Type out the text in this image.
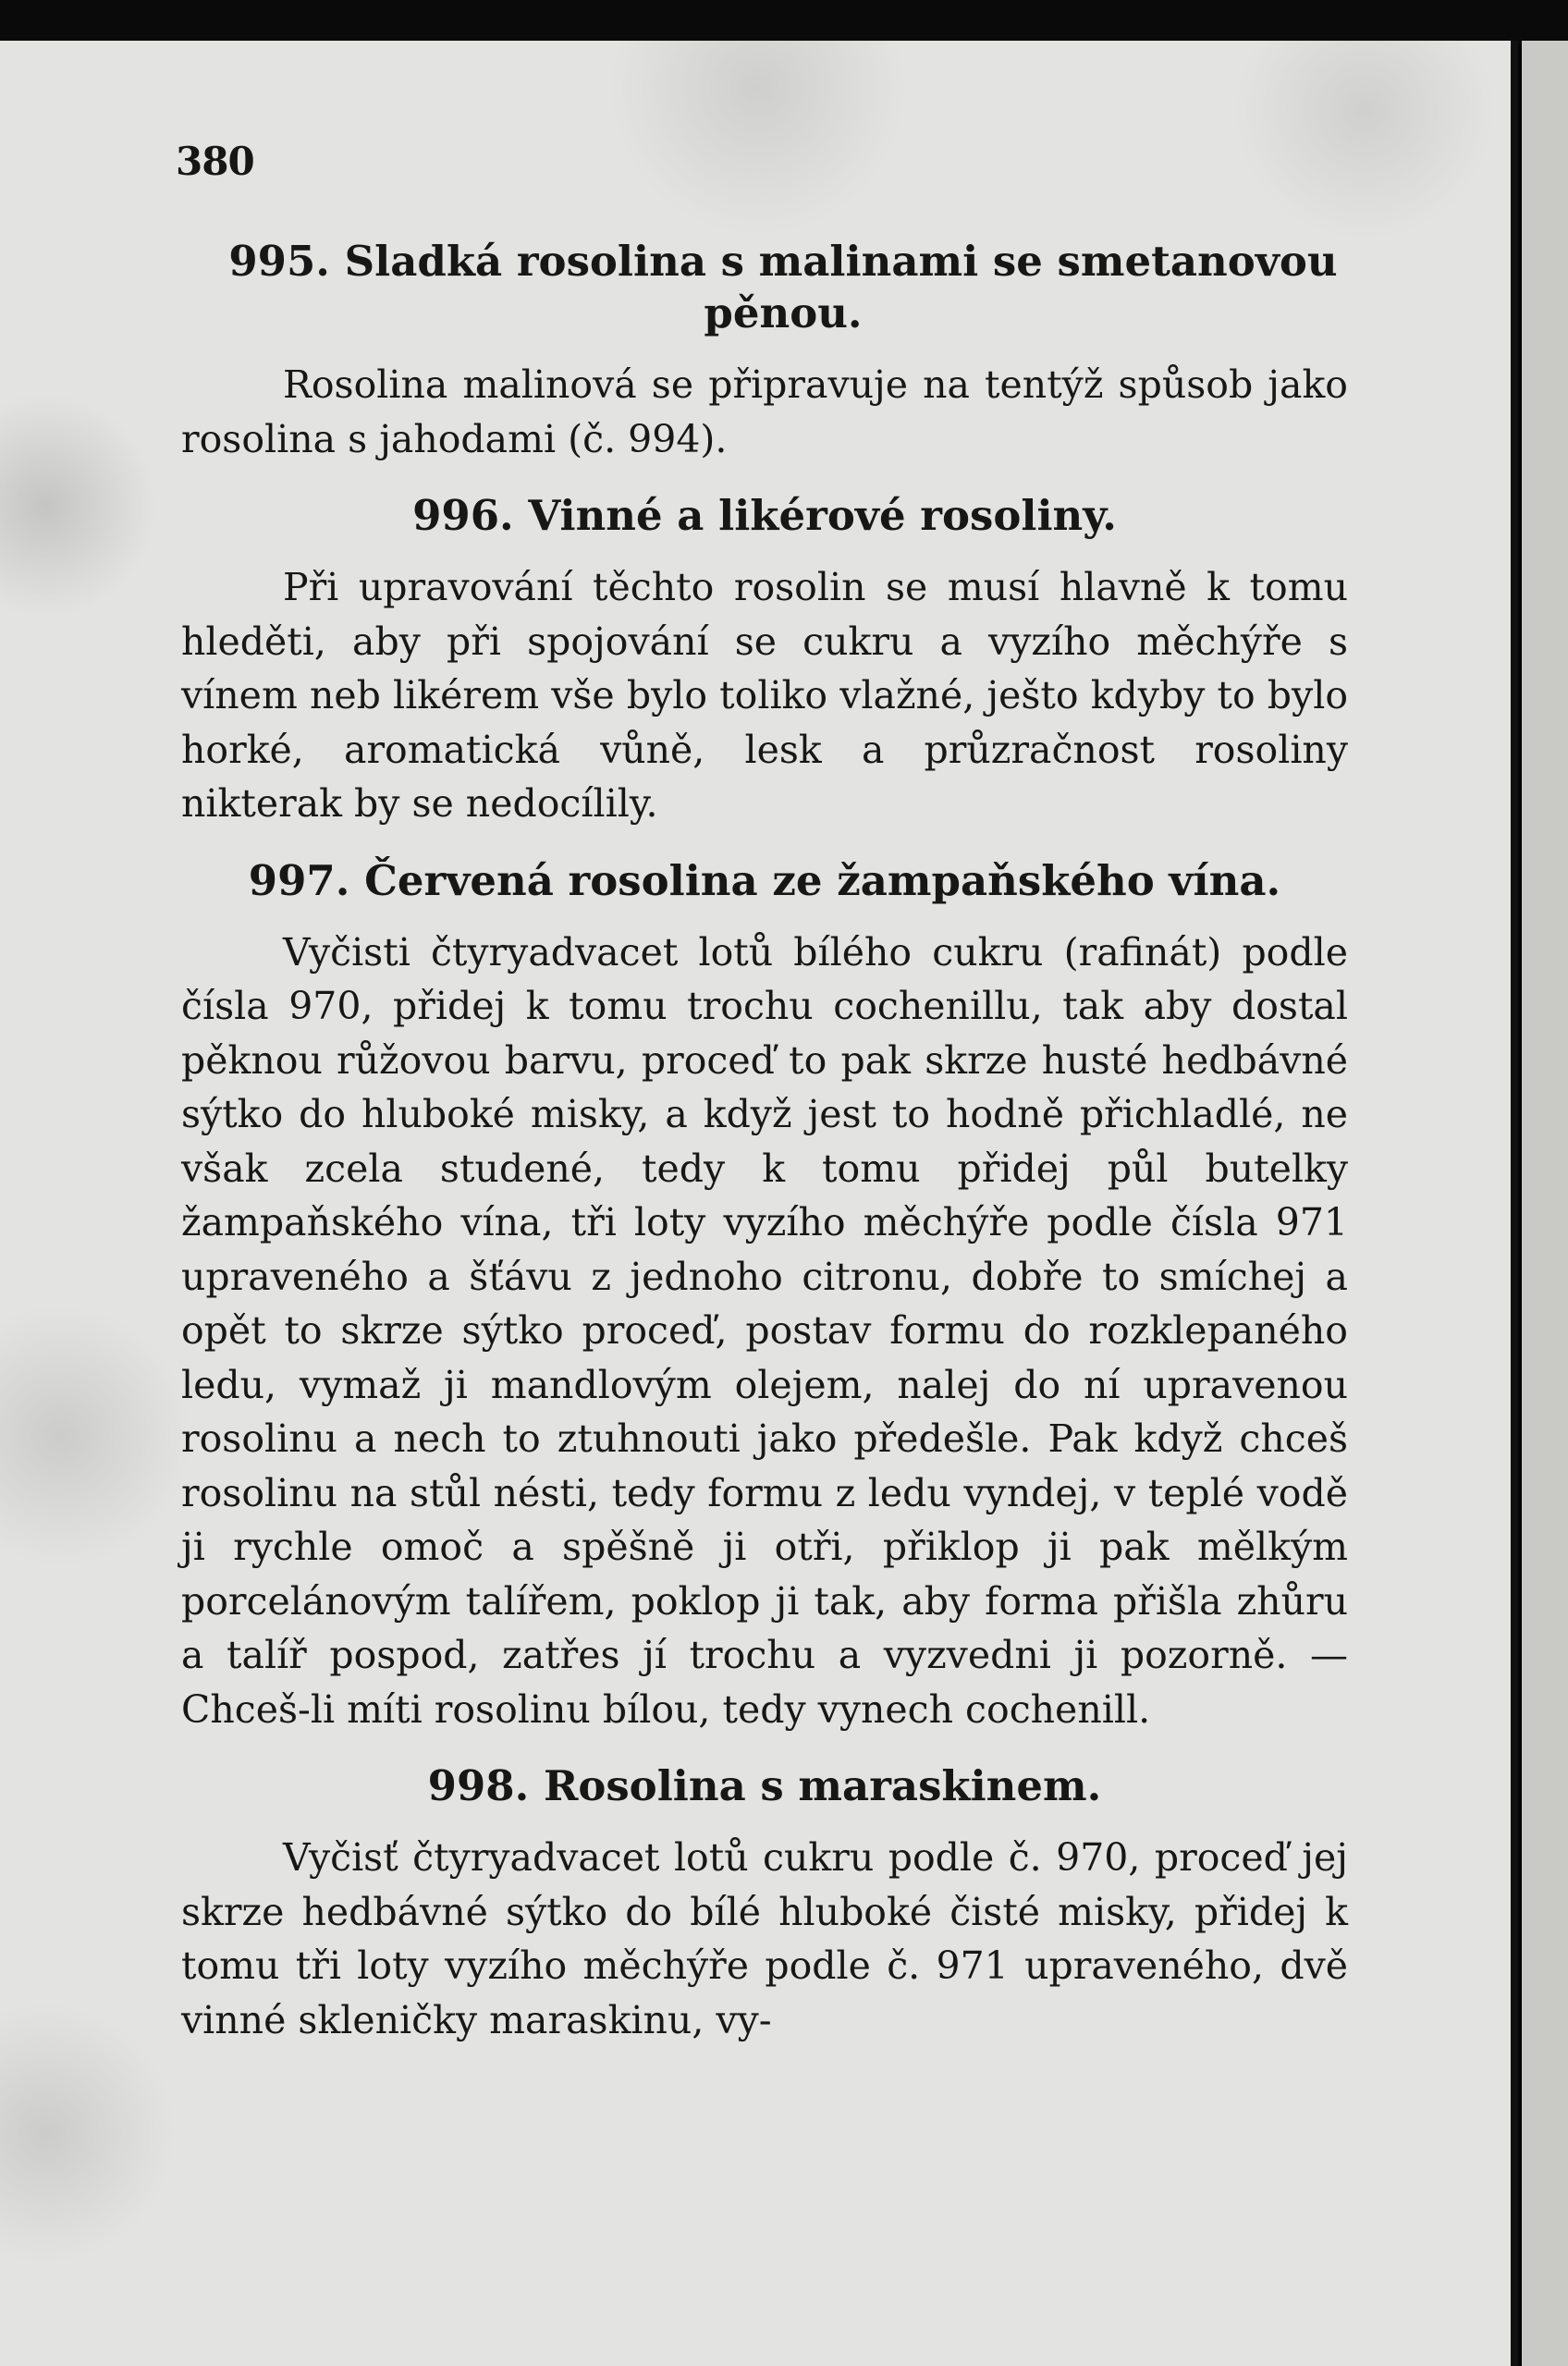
380
995. Sladká rosolina s malinami se smetanovou pěnou.

Rosolina malinová se připravuje na tentýž spůsob jako rosolina s jahodami (č. 994).

996. Vinné a likérové rosoliny.

Při upravování těchto rosolin se musí hlavně k tomu hleděti, aby při spojování se cukru a vyzího měchýře s vínem neb likérem vše bylo toliko vlažné, ješto kdyby to bylo horké, aromatická vůně, lesk a průzračnost rosoliny nikterak by se nedocílily.

997. Červená rosolina ze žampaňského vína.

Vyčisti čtyryadvacet lotů bílého cukru (rafinát) podle čísla 970, přidej k tomu trochu cochenillu, tak aby dostal pěknou růžovou barvu, proceď to pak skrze husté hedbávné sýtko do hluboké misky, a když jest to hodně přichladlé, ne však zcela studené, tedy k tomu přidej půl butelky žampaňského vína, tři loty vyzího měchýře podle čísla 971 upraveného a šťávu z jednoho citronu, dobře to smíchej a opět to skrze sýtko proceď, postav formu do rozklepaného ledu, vymaž ji mandlovým olejem, nalej do ní upravenou rosolinu a nech to ztuhnouti jako předešle. Pak když chceš rosolinu na stůl nésti, tedy formu z ledu vyndej, v teplé vodě ji rychle omoč a spěšně ji otři, přiklop ji pak mělkým porcelánovým talířem, poklop ji tak, aby forma přišla zhůru a talíř pospod, zatřes jí trochu a vyzvedni ji pozorně. — Chceš-li míti rosolinu bílou, tedy vynech cochenill.

998. Rosolina s maraskinem.

Vyčisť čtyryadvacet lotů cukru podle č. 970, proceď jej skrze hedbávné sýtko do bílé hluboké čisté misky, přidej k tomu tři loty vyzího měchýře podle č. 971 upraveného, dvě vinné skleničky maraskinu, vy-
